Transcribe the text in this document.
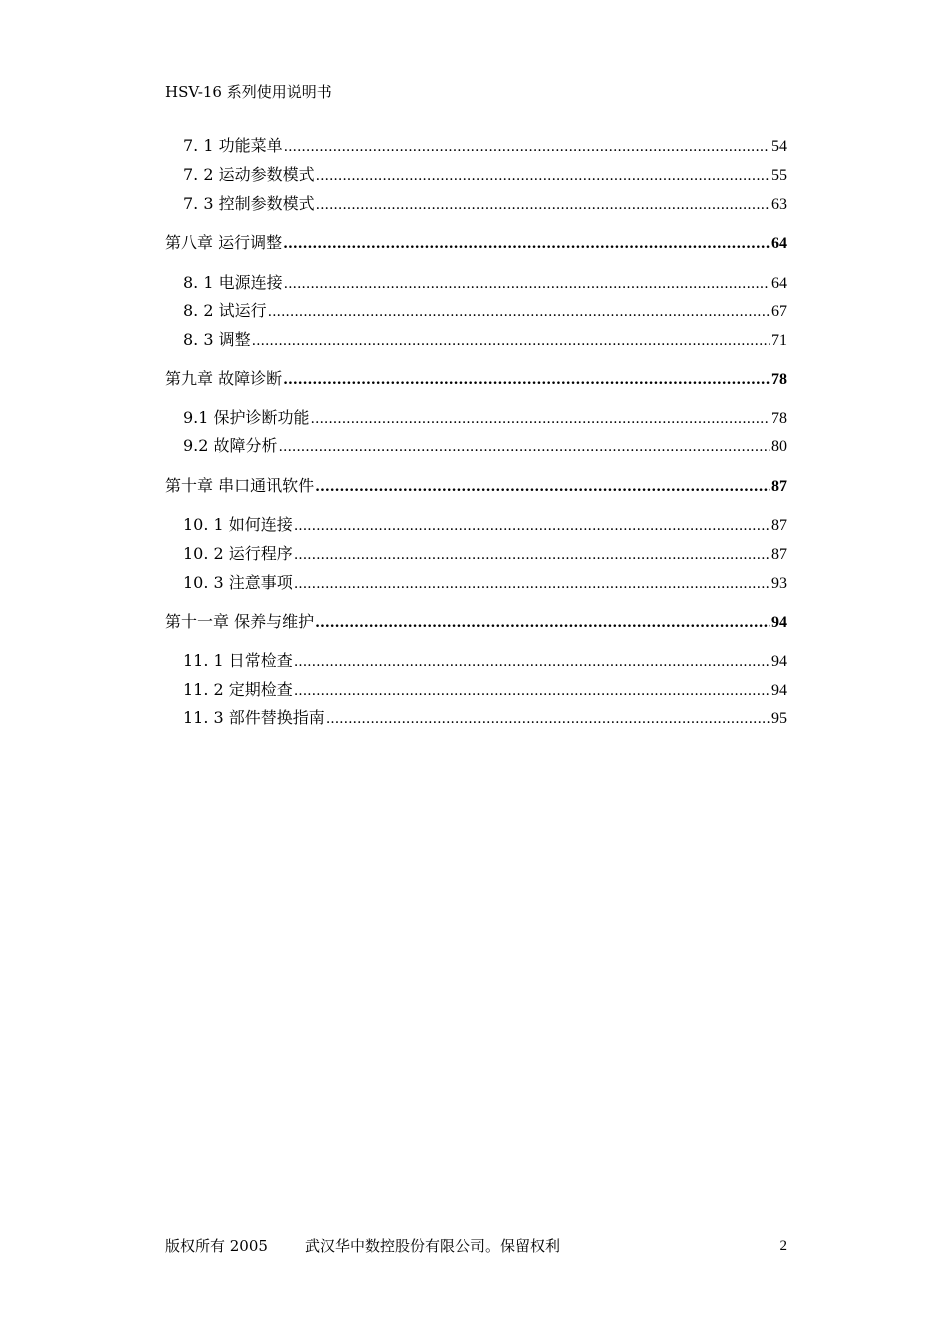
HSV-16 系列使用说明书
7. 1 功能菜单 .....	54
7. 2 运动参数模式 .....	55
7. 3 控制参数模式 .....	63
第八章 运行调整 .....	64
8. 1 电源连接 .....	64
8. 2 试运行 .....	67
8. 3 调整 .....	71
第九章 故障诊断 .....	78
9.1 保护诊断功能 .....	78
9.2 故障分析 .....	80
第十章 串口通讯软件 .....	87
10. 1 如何连接 .....	87
10. 2 运行程序 .....	87
10. 3 注意事项 .....	93
第十一章 保养与维护 .....	94
11. 1 日常检查 .....	94
11. 2 定期检查 .....	94
11. 3 部件替换指南 .....	95
版权所有 2005 武汉华中数控股份有限公司。保留权利	2
